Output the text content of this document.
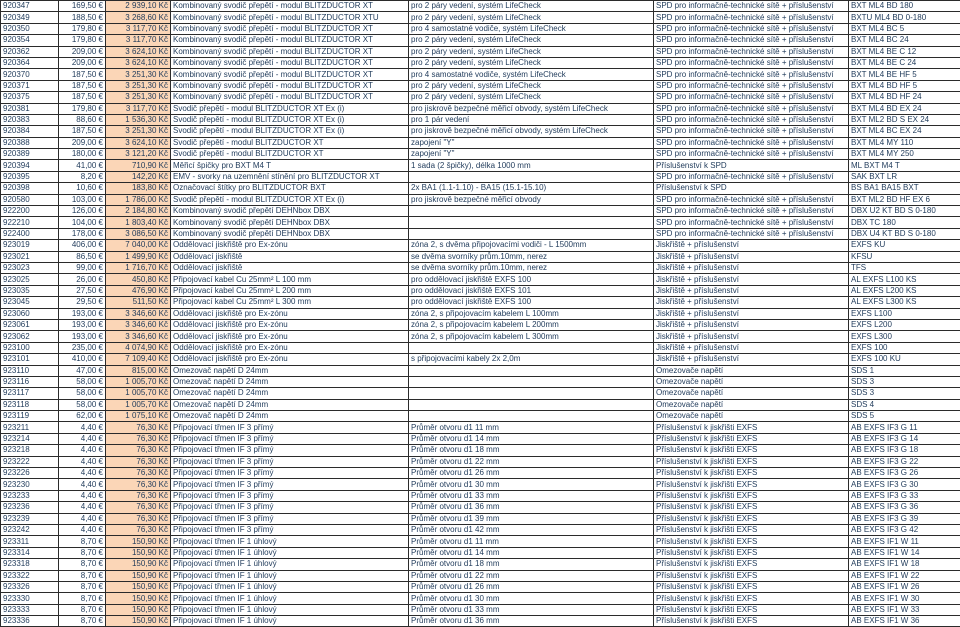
920347	169,50 €	2 939,10 Kč	Kombinovaný svodič přepětí - modul BLITZDUCTOR XT	pro 2 páry vedení, systém LifeCheck	SPD pro informačně-technické sítě + příslušenství	BXT ML4 BD 180
920349	188,50 €	3 268,60 Kč	Kombinovaný svodič přepětí - modul BLITZDUCTOR XTU	pro 2 páry vedení, systém LifeCheck	SPD pro informačně-technické sítě + příslušenství	BXTU ML4 BD 0-180
920350	179,80 €	3 117,70 Kč	Kombinovaný svodič přepětí - modul BLITZDUCTOR XT	pro 4 samostatné vodiče, systém LifeCheck	SPD pro informačně-technické sítě + příslušenství	BXT ML4 BC 5
920354	179,80 €	3 117,70 Kč	Kombinovaný svodič přepětí - modul BLITZDUCTOR XT	pro 2 páry vedení, systém LifeCheck	SPD pro informačně-technické sítě + příslušenství	BXT ML4 BC 24
920362	209,00 €	3 624,10 Kč	Kombinovaný svodič přepětí - modul BLITZDUCTOR XT	pro 2 páry vedení, systém LifeCheck	SPD pro informačně-technické sítě + příslušenství	BXT ML4 BE C 12
920364	209,00 €	3 624,10 Kč	Kombinovaný svodič přepětí - modul BLITZDUCTOR XT	pro 2 páry vedení, systém LifeCheck	SPD pro informačně-technické sítě + příslušenství	BXT ML4 BE C 24
920370	187,50 €	3 251,30 Kč	Kombinovaný svodič přepětí - modul BLITZDUCTOR XT	pro 4 samostatné vodiče, systém LifeCheck	SPD pro informačně-technické sítě + příslušenství	BXT ML4 BE HF 5
920371	187,50 €	3 251,30 Kč	Kombinovaný svodič přepětí - modul BLITZDUCTOR XT	pro 2 páry vedení, systém LifeCheck	SPD pro informačně-technické sítě + příslušenství	BXT ML4 BD HF 5
920375	187,50 €	3 251,30 Kč	Kombinovaný svodič přepětí - modul BLITZDUCTOR XT	pro 2 páry vedení, systém LifeCheck	SPD pro informačně-technické sítě + příslušenství	BXT ML4 BD HF 24
920381	179,80 €	3 117,70 Kč	Svodič přepětí - modul BLITZDUCTOR XT Ex (i)	pro jiskrově bezpečné měřicí obvody, systém LifeCheck	SPD pro informačně-technické sítě + příslušenství	BXT ML4 BD EX 24
920383	88,60 €	1 536,30 Kč	Svodič přepětí - modul BLITZDUCTOR XT Ex (i)	pro 1 pár vedení	SPD pro informačně-technické sítě + příslušenství	BXT ML2 BD S EX 24
920384	187,50 €	3 251,30 Kč	Svodič přepětí - modul BLITZDUCTOR XT Ex (i)	pro jiskrově bezpečné měřicí obvody, systém LifeCheck	SPD pro informačně-technické sítě + příslušenství	BXT ML4 BC EX 24
920388	209,00 €	3 624,10 Kč	Svodič přepětí - modul BLITZDUCTOR XT	zapojení "Y"	SPD pro informačně-technické sítě + příslušenství	BXT ML4 MY 110
920389	180,00 €	3 121,20 Kč	Svodič přepětí - modul BLITZDUCTOR XT	zapojení "Y"	SPD pro informačně-technické sítě + příslušenství	BXT ML4 MY 250
920394	41,00 €	710,90 Kč	Měřicí špičky pro BXT M4 T	1 sada (2 špičky), délka 1000 mm	Příslušenství k SPD	ML BXT M4 T
920395	8,20 €	142,20 Kč	EMV - svorky na uzemnění stínění pro BLITZDUCTOR XT		SPD pro informačně-technické sítě + příslušenství	SAK BXT LR
920398	10,60 €	183,80 Kč	Označovací štítky pro BLITZDUCTOR BXT	2x BA1 (1.1-1.10) - BA15 (15.1-15.10)	Příslušenství k SPD	BS BA1 BA15 BXT
920580	103,00 €	1 786,00 Kč	Svodič přepětí - modul BLITZDUCTOR XT Ex (i)	pro jiskrově bezpečné měřicí obvody	SPD pro informačně-technické sítě + příslušenství	BXT ML2 BD HF EX 6
922200	126,00 €	2 184,80 Kč	Kombinovaný svodič přepětí DEHNbox DBX		SPD pro informačně-technické sítě + příslušenství	DBX U2 KT BD S 0-180
922210	104,00 €	1 803,40 Kč	Kombinovaný svodič přepětí DEHNbox DBX		SPD pro informačně-technické sítě + příslušenství	DBX TC 180
922400	178,00 €	3 086,50 Kč	Kombinovaný svodič přepětí DEHNbox DBX		SPD pro informačně-technické sítě + příslušenství	DBX U4 KT BD S 0-180
923019	406,00 €	7 040,00 Kč	Oddělovací jiskřiště pro Ex-zónu	zóna 2, s dvěma připojovacími vodiči - L 1500mm	Jiskřiště + příslušenství	EXFS KU
923021	86,50 €	1 499,90 Kč	Oddělovací jiskřiště	se dvěma svorníky prům.10mm, nerez	Jiskřiště + příslušenství	KFSU
923023	99,00 €	1 716,70 Kč	Oddělovací jiskřiště	se dvěma svorníky prům.10mm, nerez	Jiskřiště + příslušenství	TFS
923025	26,00 €	450,80 Kč	Připojovací kabel Cu 25mm² L 100 mm	pro oddělovací jiskřiště EXFS 100	Jiskřiště + příslušenství	AL EXFS L100 KS
923035	27,50 €	476,90 Kč	Připojovací kabel Cu 25mm² L 200 mm	pro oddělovací jiskřiště EXFS 101	Jiskřiště + příslušenství	AL EXFS L200 KS
923045	29,50 €	511,50 Kč	Připojovací kabel Cu 25mm² L 300 mm	pro oddělovací jiskřiště EXFS 100	Jiskřiště + příslušenství	AL EXFS L300 KS
923060	193,00 €	3 346,60 Kč	Oddělovací jiskřiště pro Ex-zónu	zóna 2, s připojovacím kabelem L 100mm	Jiskřiště + příslušenství	EXFS L100
923061	193,00 €	3 346,60 Kč	Oddělovací jiskřiště pro Ex-zónu	zóna 2, s připojovacím kabelem L 200mm	Jiskřiště + příslušenství	EXFS L200
923062	193,00 €	3 346,60 Kč	Oddělovací jiskřiště pro Ex-zónu	zóna 2, s připojovacím kabelem L 300mm	Jiskřiště + příslušenství	EXFS L300
923100	235,00 €	4 074,90 Kč	Oddělovací jiskřiště pro Ex-zónu		Jiskřiště + příslušenství	EXFS 100
923101	410,00 €	7 109,40 Kč	Oddělovací jiskřiště pro Ex-zónu	s připojovacími kabely 2x 2,0m	Jiskřiště + příslušenství	EXFS 100 KU
923110	47,00 €	815,00 Kč	Omezovač napětí D 24mm		Omezovače napětí	SDS 1
923116	58,00 €	1 005,70 Kč	Omezovač napětí D 24mm		Omezovače napětí	SDS 3
923117	58,00 €	1 005,70 Kč	Omezovač napětí D 24mm		Omezovače napětí	SDS 3
923118	58,00 €	1 005,70 Kč	Omezovač napětí D 24mm		Omezovače napětí	SDS 4
923119	62,00 €	1 075,10 Kč	Omezovač napětí D 24mm		Omezovače napětí	SDS 5
923211	4,40 €	76,30 Kč	Připojovací třmen IF 3 přímý	Průměr otvoru d1 11 mm	Příslušenství k jiskřišti EXFS	AB EXFS IF3 G 11
923214	4,40 €	76,30 Kč	Připojovací třmen IF 3 přímý	Průměr otvoru d1 14 mm	Příslušenství k jiskřišti EXFS	AB EXFS IF3 G 14
923218	4,40 €	76,30 Kč	Připojovací třmen IF 3 přímý	Průměr otvoru d1 18 mm	Příslušenství k jiskřišti EXFS	AB EXFS IF3 G 18
923222	4,40 €	76,30 Kč	Připojovací třmen IF 3 přímý	Průměr otvoru d1 22 mm	Příslušenství k jiskřišti EXFS	AB EXFS IF3 G 22
923226	4,40 €	76,30 Kč	Připojovací třmen IF 3 přímý	Průměr otvoru d1 26 mm	Příslušenství k jiskřišti EXFS	AB EXFS IF3 G 26
923230	4,40 €	76,30 Kč	Připojovací třmen IF 3 přímý	Průměr otvoru d1 30 mm	Příslušenství k jiskřišti EXFS	AB EXFS IF3 G 30
923233	4,40 €	76,30 Kč	Připojovací třmen IF 3 přímý	Průměr otvoru d1 33 mm	Příslušenství k jiskřišti EXFS	AB EXFS IF3 G 33
923236	4,40 €	76,30 Kč	Připojovací třmen IF 3 přímý	Průměr otvoru d1 36 mm	Příslušenství k jiskřišti EXFS	AB EXFS IF3 G 36
923239	4,40 €	76,30 Kč	Připojovací třmen IF 3 přímý	Průměr otvoru d1 39 mm	Příslušenství k jiskřišti EXFS	AB EXFS IF3 G 39
923242	4,40 €	76,30 Kč	Připojovací třmen IF 3 přímý	Průměr otvoru d1 42 mm	Příslušenství k jiskřišti EXFS	AB EXFS IF3 G 42
923311	8,70 €	150,90 Kč	Připojovací třmen IF 1 úhlový	Průměr otvoru d1 11 mm	Příslušenství k jiskřišti EXFS	AB EXFS IF1 W 11
923314	8,70 €	150,90 Kč	Připojovací třmen IF 1 úhlový	Průměr otvoru d1 14 mm	Příslušenství k jiskřišti EXFS	AB EXFS IF1 W 14
923318	8,70 €	150,90 Kč	Připojovací třmen IF 1 úhlový	Průměr otvoru d1 18 mm	Příslušenství k jiskřišti EXFS	AB EXFS IF1 W 18
923322	8,70 €	150,90 Kč	Připojovací třmen IF 1 úhlový	Průměr otvoru d1 22 mm	Příslušenství k jiskřišti EXFS	AB EXFS IF1 W 22
923326	8,70 €	150,90 Kč	Připojovací třmen IF 1 úhlový	Průměr otvoru d1 26 mm	Příslušenství k jiskřišti EXFS	AB EXFS IF1 W 26
923330	8,70 €	150,90 Kč	Připojovací třmen IF 1 úhlový	Průměr otvoru d1 30 mm	Příslušenství k jiskřišti EXFS	AB EXFS IF1 W 30
923333	8,70 €	150,90 Kč	Připojovací třmen IF 1 úhlový	Průměr otvoru d1 33 mm	Příslušenství k jiskřišti EXFS	AB EXFS IF1 W 33
923336	8,70 €	150,90 Kč	Připojovací třmen IF 1 úhlový	Průměr otvoru d1 36 mm	Příslušenství k jiskřišti EXFS	AB EXFS IF1 W 36
